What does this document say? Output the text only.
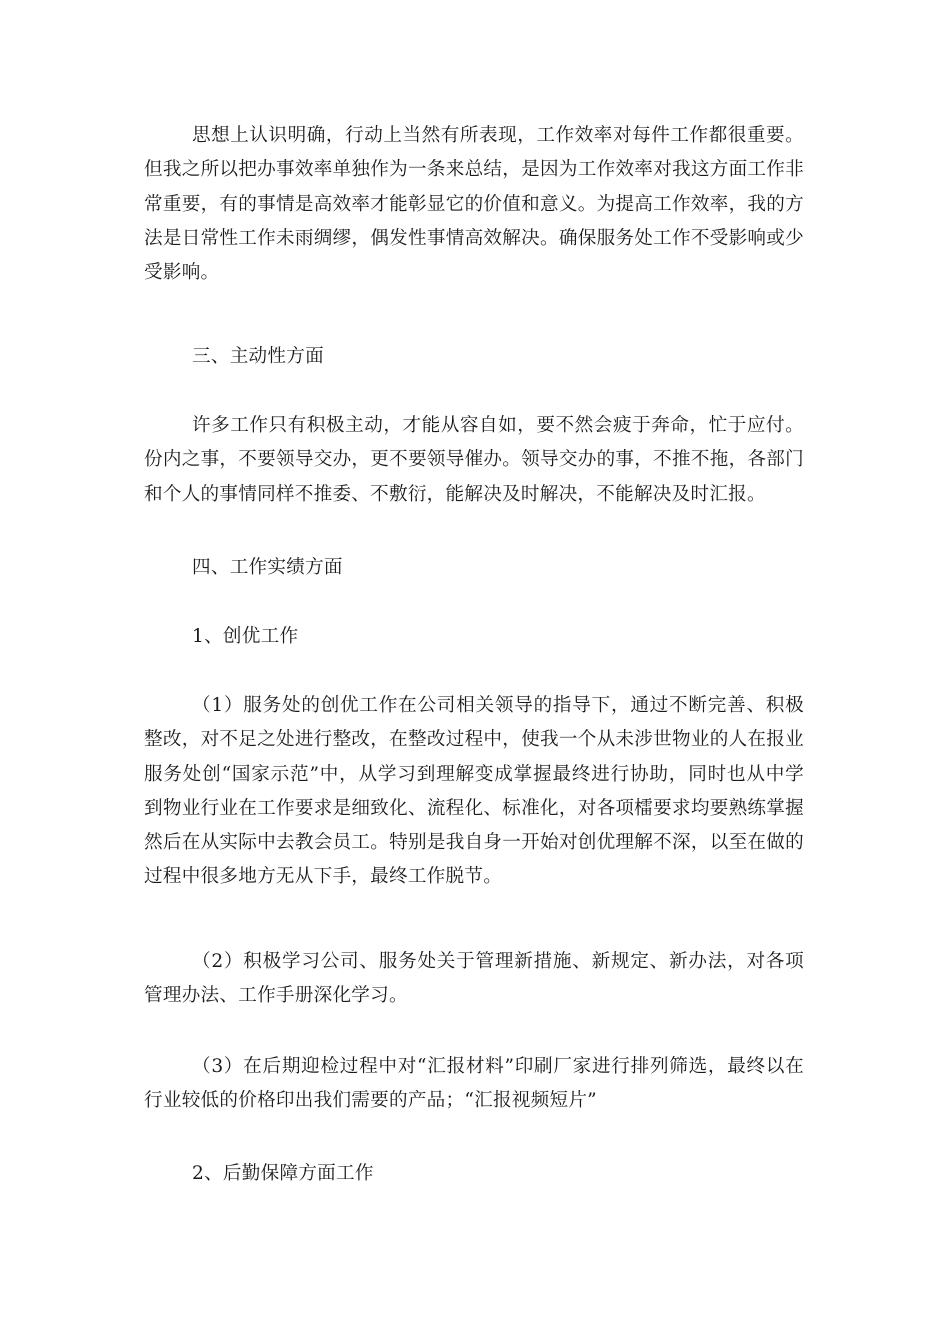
思想上认识明确，行动上当然有所表现，工作效率对每件工作都很重要。但我之所以把办事效率单独作为一条来总结，是因为工作效率对我这方面工作非常重要，有的事情是高效率才能彰显它的价值和意义。为提高工作效率，我的方法是日常性工作未雨绸缪，偶发性事情高效解决。确保服务处工作不受影响或少受影响。

三、主动性方面

许多工作只有积极主动，才能从容自如，要不然会疲于奔命，忙于应付。份内之事，不要领导交办，更不要领导催办。领导交办的事，不推不拖，各部门和个人的事情同样不推委、不敷衍，能解决及时解决，不能解决及时汇报。

四、工作实绩方面

1、创优工作

（1）服务处的创优工作在公司相关领导的指导下，通过不断完善、积极整改，对不足之处进行整改，在整改过程中，使我一个从未涉世物业的人在报业服务处创“国家示范”中，从学习到理解变成掌握最终进行协助，同时也从中学到物业行业在工作要求是细致化、流程化、标准化，对各项檑要求均要熟练掌握然后在从实际中去教会员工。特别是我自身一开始对创优理解不深，以至在做的过程中很多地方无从下手，最终工作脱节。

（2）积极学习公司、服务处关于管理新措施、新规定、新办法，对各项管理办法、工作手册深化学习。

（3）在后期迎检过程中对“汇报材料”印刷厂家进行排列筛选，最终以在行业较低的价格印出我们需要的产品；“汇报视频短片”

2、后勤保障方面工作
